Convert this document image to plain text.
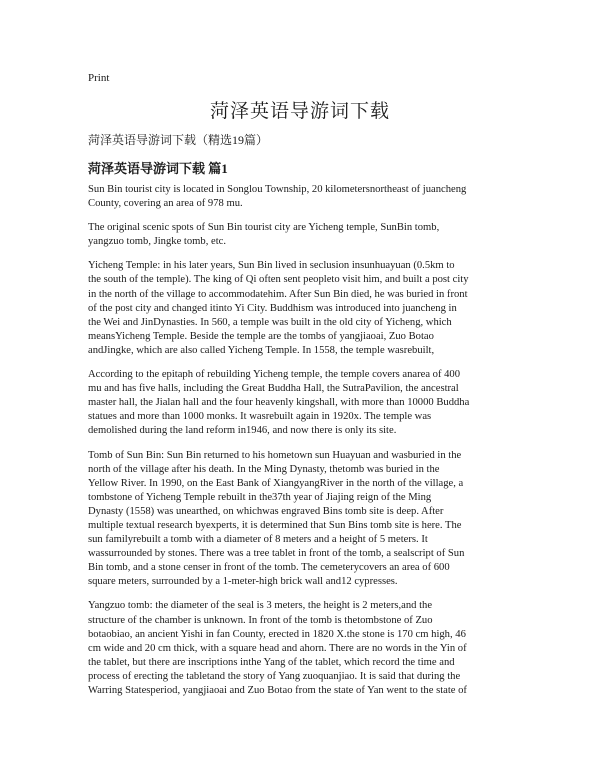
Print
菏泽英语导游词下载
菏泽英语导游词下载（精选19篇）
菏泽英语导游词下载 篇1
Sun Bin tourist city is located in Songlou Township, 20 kilometersnortheast of juancheng
County, covering an area of 978 mu.
The original scenic spots of Sun Bin tourist city are Yicheng temple, SunBin tomb,
yangzuo tomb, Jingke tomb, etc.
Yicheng Temple: in his later years, Sun Bin lived in seclusion insunhuayuan (0.5km to
the south of the temple). The king of Qi often sent peopleto visit him, and built a post city
in the north of the village to accommodatehim. After Sun Bin died, he was buried in front
of the post city and changed itinto Yi City. Buddhism was introduced into juancheng in
the Wei and JinDynasties. In 560, a temple was built in the old city of Yicheng, which
meansYicheng Temple. Beside the temple are the tombs of yangjiaoai, Zuo Botao
andJingke, which are also called Yicheng Temple. In 1558, the temple wasrebuilt,
According to the epitaph of rebuilding Yicheng temple, the temple covers anarea of 400
mu and has five halls, including the Great Buddha Hall, the SutraPavilion, the ancestral
master hall, the Jialan hall and the four heavenly kingshall, with more than 10000 Buddha
statues and more than 1000 monks. It wasrebuilt again in 1920x. The temple was
demolished during the land reform in1946, and now there is only its site.
Tomb of Sun Bin: Sun Bin returned to his hometown sun Huayuan and wasburied in the
north of the village after his death. In the Ming Dynasty, thetomb was buried in the
Yellow River. In 1990, on the East Bank of XiangyangRiver in the north of the village, a
tombstone of Yicheng Temple rebuilt in the37th year of Jiajing reign of the Ming
Dynasty (1558) was unearthed, on whichwas engraved Bins tomb site is deep. After
multiple textual research byexperts, it is determined that Sun Bins tomb site is here. The
sun familyrebuilt a tomb with a diameter of 8 meters and a height of 5 meters. It
wassurrounded by stones. There was a tree tablet in front of the tomb, a sealscript of Sun
Bin tomb, and a stone censer in front of the tomb. The cemeterycovers an area of 600
square meters, surrounded by a 1-meter-high brick wall and12 cypresses.
Yangzuo tomb: the diameter of the seal is 3 meters, the height is 2 meters,and the
structure of the chamber is unknown. In front of the tomb is thetombstone of Zuo
botaobiao, an ancient Yishi in fan County, erected in 1820 X.the stone is 170 cm high, 46
cm wide and 20 cm thick, with a square head and ahorn. There are no words in the Yin of
the tablet, but there are inscriptions inthe Yang of the tablet, which record the time and
process of erecting the tabletand the story of Yang zuoquanjiao. It is said that during the
Warring Statesperiod, yangjiaoai and Zuo Botao from the state of Yan went to the state of
